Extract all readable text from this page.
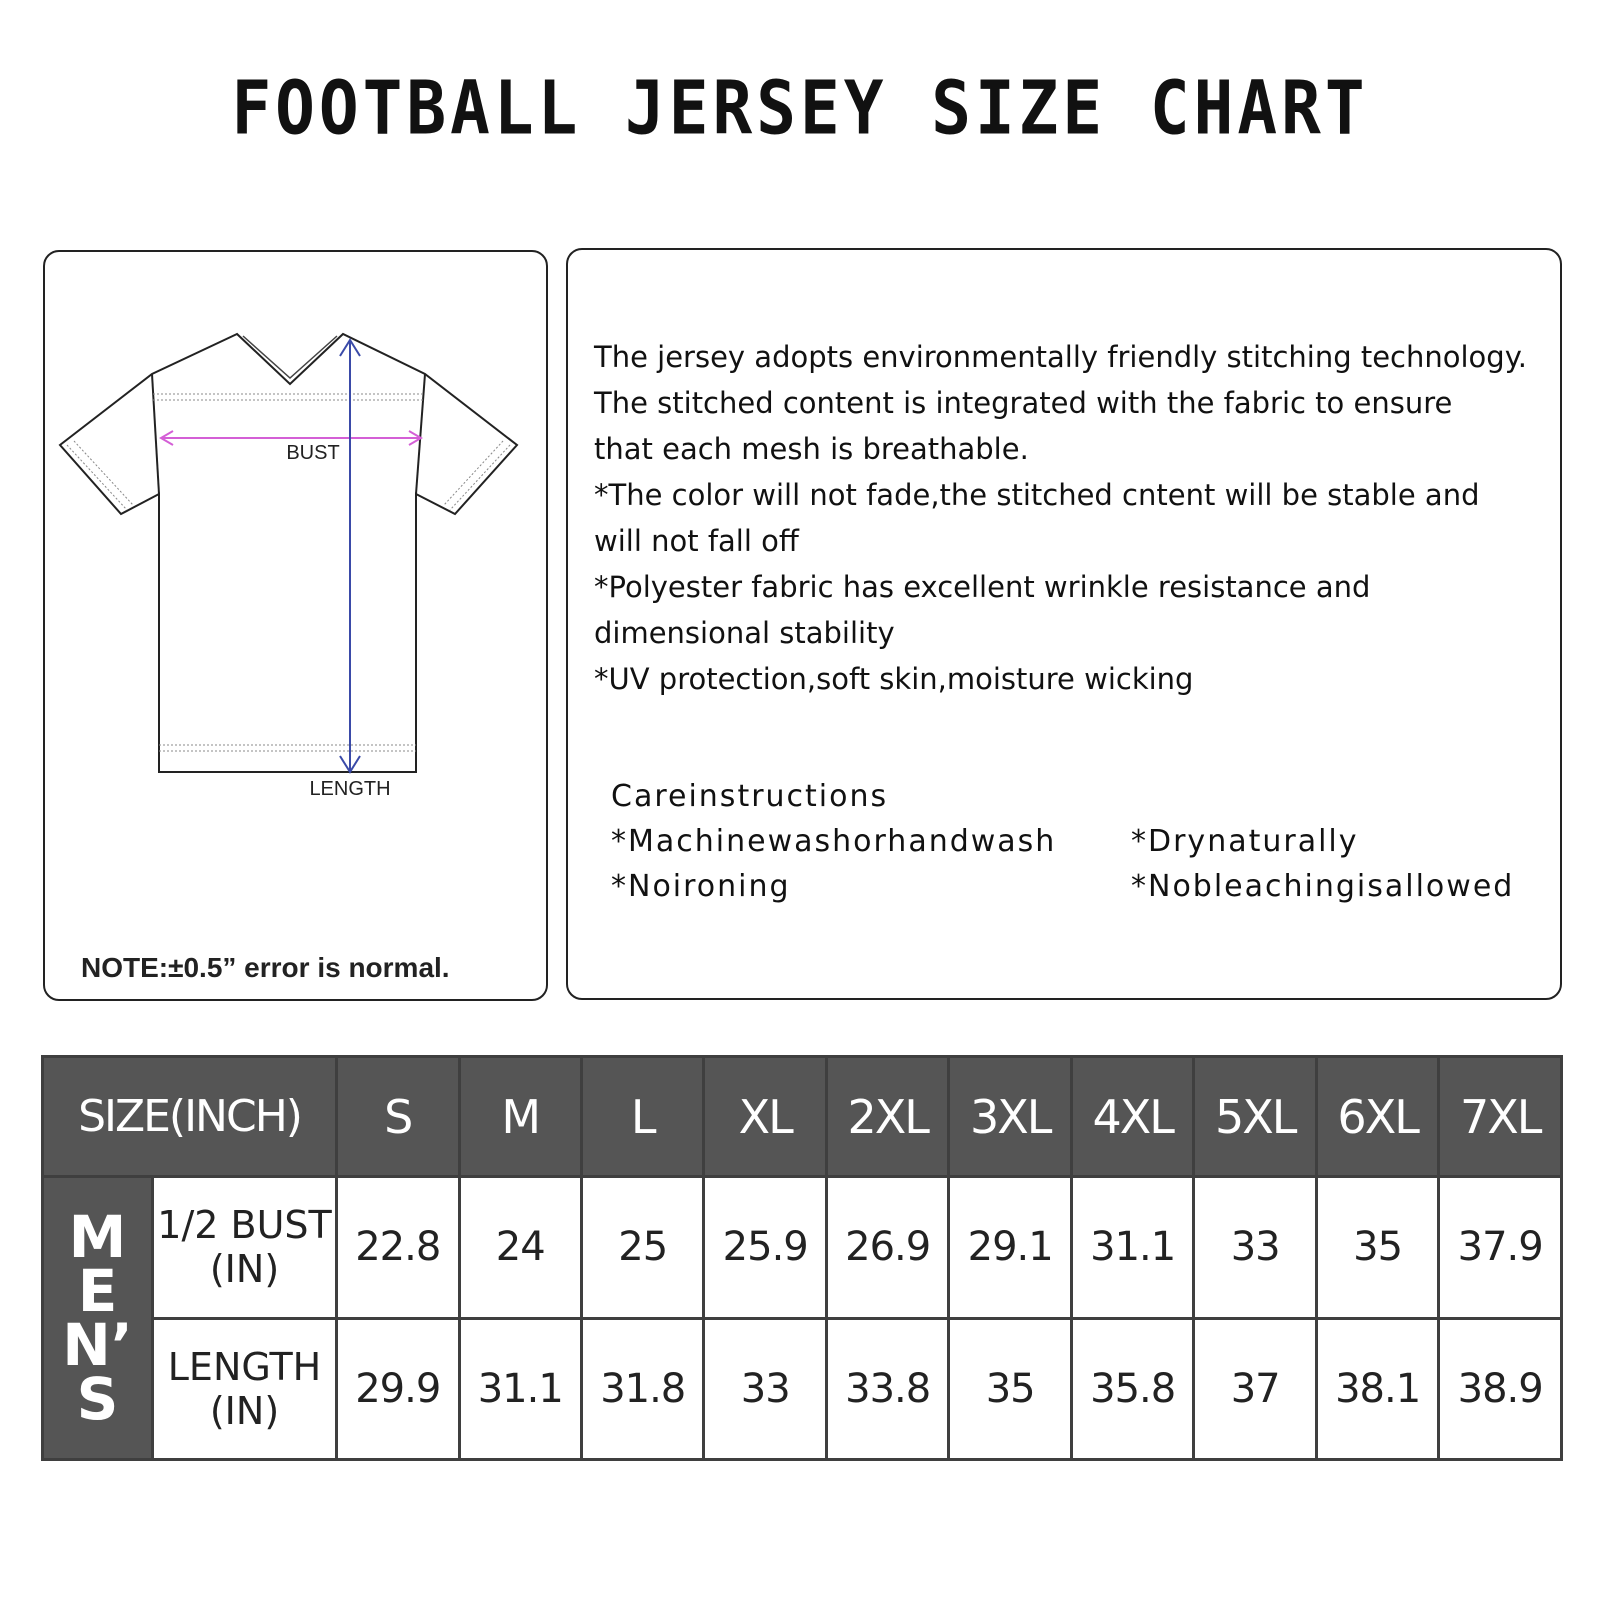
FOOTBALL JERSEY SIZE CHART
BUST
LENGTH
NOTE:±0.5” error is normal.
The jersey adopts environmentally friendly stitching technology.
The stitched content is integrated with the fabric to ensure
that each mesh is breathable.
*The color will not fade,the stitched cntent will be stable and
will not fall off
*Polyester fabric has excellent wrinkle resistance and
dimensional stability
*UV protection,soft skin,moisture wicking
Careinstructions
*Machinewashorhandwash	*Drynaturally
*Noironing	*Nobleachingisallowed
SIZE(INCH)		S	M	L	XL	2XL	3XL	4XL	5XL	6XL	7XL

M
E
N’
S	1/2 BUST
(IN)	22.8	24	25	25.9	26.9	29.1	31.1	33	35	37.9
	LENGTH
(IN)	29.9	31.1	31.8	33	33.8	35	35.8	37	38.1	38.9
